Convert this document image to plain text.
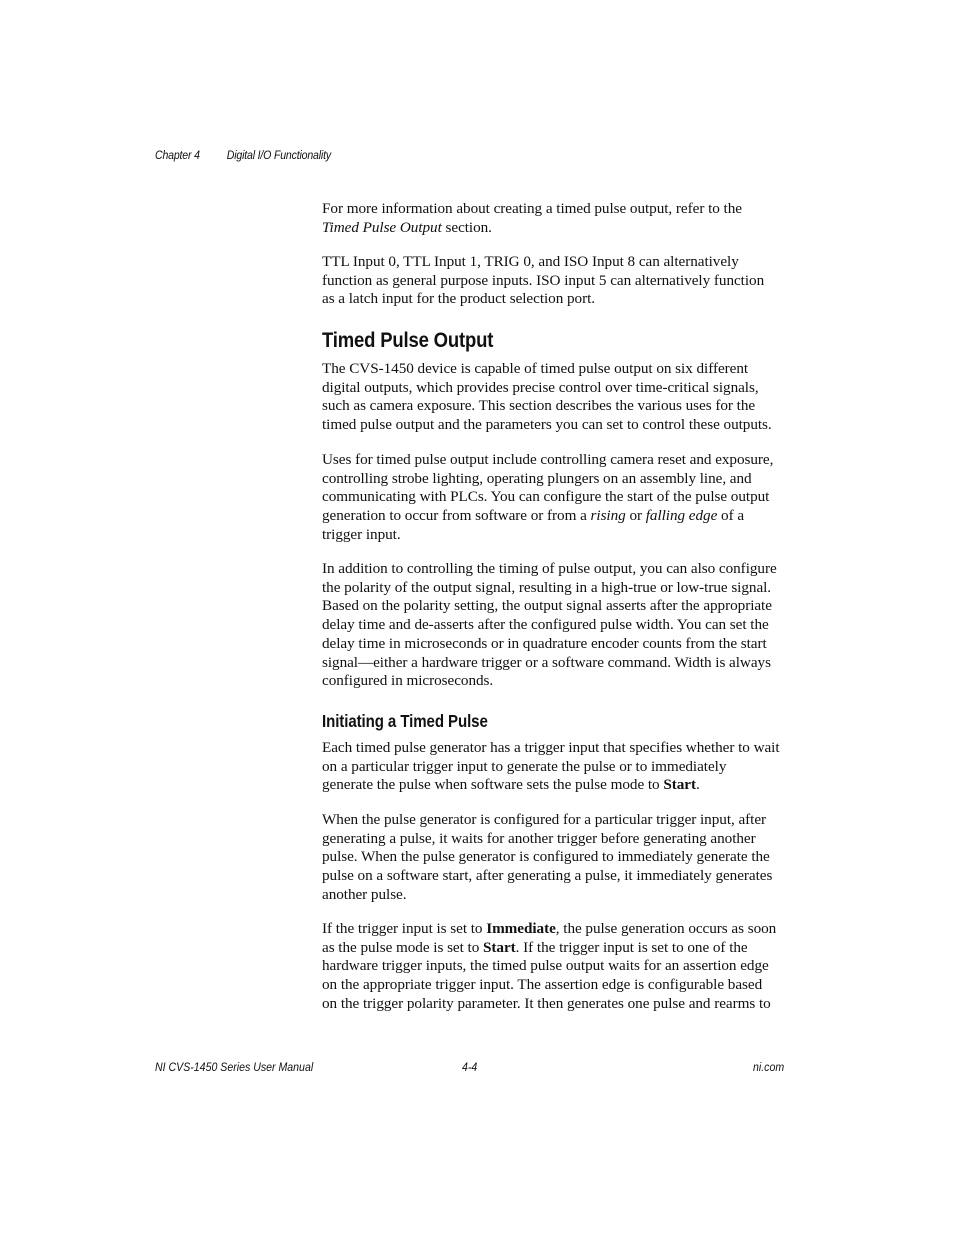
Chapter 4 Digital I/O Functionality
For more information about creating a timed pulse output, refer to the
Timed Pulse Output section.
TTL Input 0, TTL Input 1, TRIG 0, and ISO Input 8 can alternatively
function as general purpose inputs. ISO input 5 can alternatively function
as a latch input for the product selection port.
Timed Pulse Output
The CVS-1450 device is capable of timed pulse output on six different
digital outputs, which provides precise control over time-critical signals,
such as camera exposure. This section describes the various uses for the
timed pulse output and the parameters you can set to control these outputs.
Uses for timed pulse output include controlling camera reset and exposure,
controlling strobe lighting, operating plungers on an assembly line, and
communicating with PLCs. You can configure the start of the pulse output
generation to occur from software or from a rising or falling edge of a
trigger input.
In addition to controlling the timing of pulse output, you can also configure
the polarity of the output signal, resulting in a high-true or low-true signal.
Based on the polarity setting, the output signal asserts after the appropriate
delay time and de-asserts after the configured pulse width. You can set the
delay time in microseconds or in quadrature encoder counts from the start
signal—either a hardware trigger or a software command. Width is always
configured in microseconds.
Initiating a Timed Pulse
Each timed pulse generator has a trigger input that specifies whether to wait
on a particular trigger input to generate the pulse or to immediately
generate the pulse when software sets the pulse mode to Start.
When the pulse generator is configured for a particular trigger input, after
generating a pulse, it waits for another trigger before generating another
pulse. When the pulse generator is configured to immediately generate the
pulse on a software start, after generating a pulse, it immediately generates
another pulse.
If the trigger input is set to Immediate, the pulse generation occurs as soon
as the pulse mode is set to Start. If the trigger input is set to one of the
hardware trigger inputs, the timed pulse output waits for an assertion edge
on the appropriate trigger input. The assertion edge is configurable based
on the trigger polarity parameter. It then generates one pulse and rearms to
NI CVS-1450 Series User Manual	4-4	ni.com
